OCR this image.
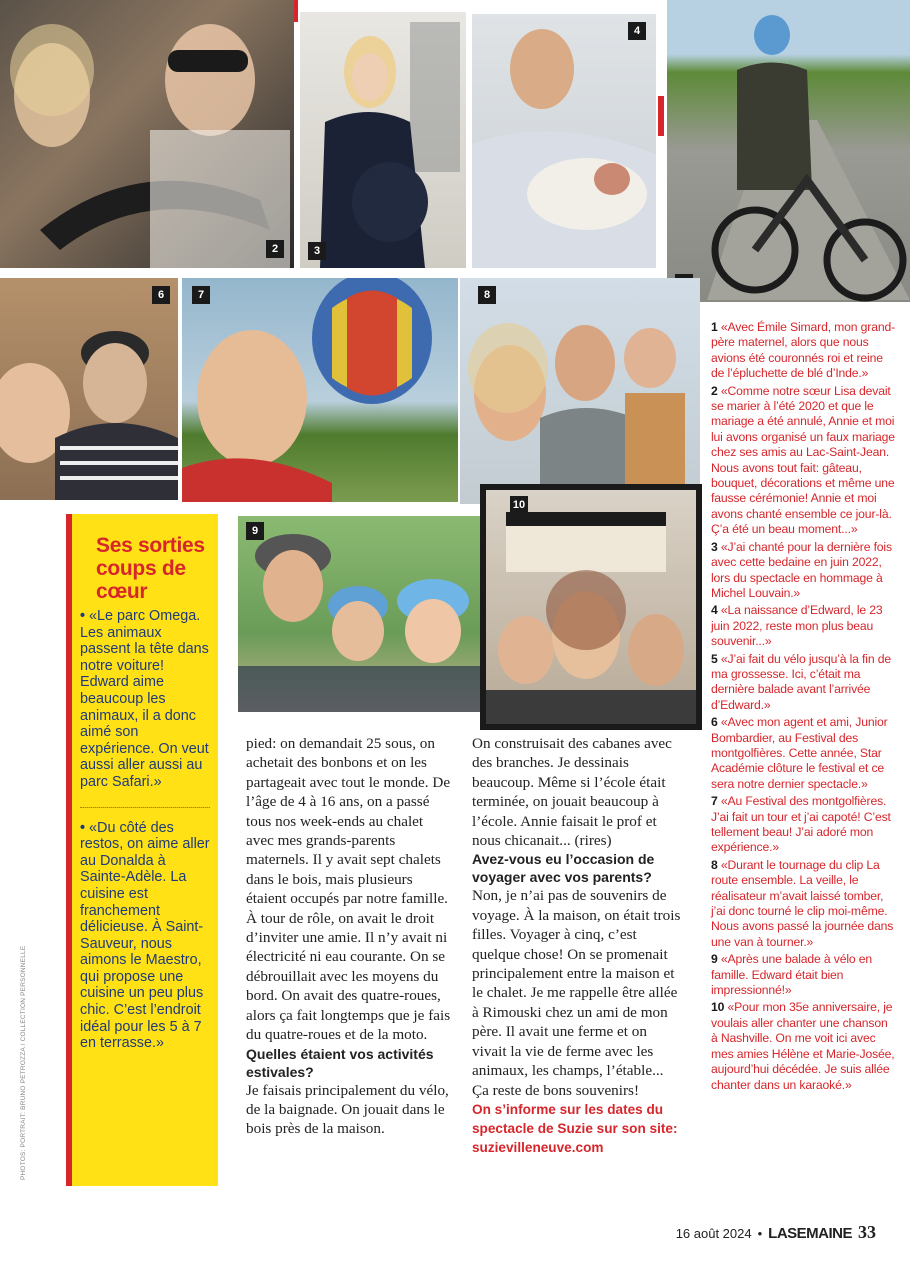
2	3
4
6	7	8
9
10
Ses sorties coups de cœur

• «Le parc Omega. Les animaux passent la tête dans notre voiture! Edward aime beaucoup les animaux, il a donc aimé son expérience. On veut aussi aller aussi au parc Safari.»

• «Du côté des restos, on aime aller au Donalda à Sainte-Adèle. La cuisine est franchement délicieuse. À Saint-Sauveur, nous aimons le Maestro, qui propose une cuisine un peu plus chic. C’est l’endroit idéal pour les 5 à 7 en terrasse.»

pied: on demandait 25 sous, on achetait des bonbons et on les partageait avec tout le monde. De l’âge de 4 à 16 ans, on a passé tous nos week-ends au chalet avec mes grands-parents maternels. Il y avait sept chalets dans le bois, mais plusieurs étaient occupés par notre famille. À tour de rôle, on avait le droit d’inviter une amie. Il n’y avait ni électricité ni eau courante. On se débrouillait avec les moyens du bord. On avait des quatre-roues, alors ça fait longtemps que je fais du quatre-roues et de la moto.

Quelles étaient vos activités estivales?

Je faisais principalement du vélo, de la baignade. On jouait dans le bois près de la maison.

On construisait des cabanes avec des branches. Je dessinais beaucoup. Même si l’école était terminée, on jouait beaucoup à l’école. Annie faisait le prof et nous chicanait... (rires)

Avez-vous eu l’occasion de voyager avec vos parents?

Non, je n’ai pas de souvenirs de voyage. À la maison, on était trois filles. Voyager à cinq, c’est quelque chose! On se promenait principalement entre la maison et le chalet. Je me rappelle être allée à Rimouski chez un ami de mon père. Il avait une ferme et on vivait la vie de ferme avec les animaux, les champs, l’étable... Ça reste de bons souvenirs!

On s’informe sur les dates du spectacle de Suzie sur son site: suzievilleneuve.com

1 «Avec Émile Simard, mon grand-père maternel, alors que nous avions été couronnés roi et reine de l’épluchette de blé d’Inde.»

2 «Comme notre sœur Lisa devait se marier à l’été 2020 et que le mariage a été annulé, Annie et moi lui avons organisé un faux mariage chez ses amis au Lac-Saint-Jean. Nous avons tout fait: gâteau, bouquet, décorations et même une fausse cérémonie! Annie et moi avons chanté ensemble ce jour-là. Ç’a été un beau moment...»

3 «J’ai chanté pour la dernière fois avec cette bedaine en juin 2022, lors du spectacle en hommage à Michel Louvain.»

4 «La naissance d’Edward, le 23 juin 2022, reste mon plus beau souvenir...»

5 «J’ai fait du vélo jusqu’à la fin de ma grossesse. Ici, c’était ma dernière balade avant l’arrivée d’Edward.»

6 «Avec mon agent et ami, Junior Bombardier, au Festival des montgolfières. Cette année, Star Académie clôture le festival et ce sera notre dernier spectacle.»

7 «Au Festival des montgolfières. J’ai fait un tour et j’ai capoté! C’est tellement beau! J’ai adoré mon expérience.»

8 «Durant le tournage du clip La route ensemble. La veille, le réalisateur m’avait laissé tomber, j’ai donc tourné le clip moi-même. Nous avons passé la journée dans une van à tourner.»

9 «Après une balade à vélo en famille. Edward était bien impressionné!»

10 «Pour mon 35e anniversaire, je voulais aller chanter une chanson à Nashville. On me voit ici avec mes amies Hélène et Marie-Josée, aujourd’hui décédée. Je suis allée chanter dans un karaoké.»

PHOTOS: PORTRAIT: BRUNO PETROZZA / COLLECTION PERSONNELLE
16 août 2024 • LASEMAINE 33
